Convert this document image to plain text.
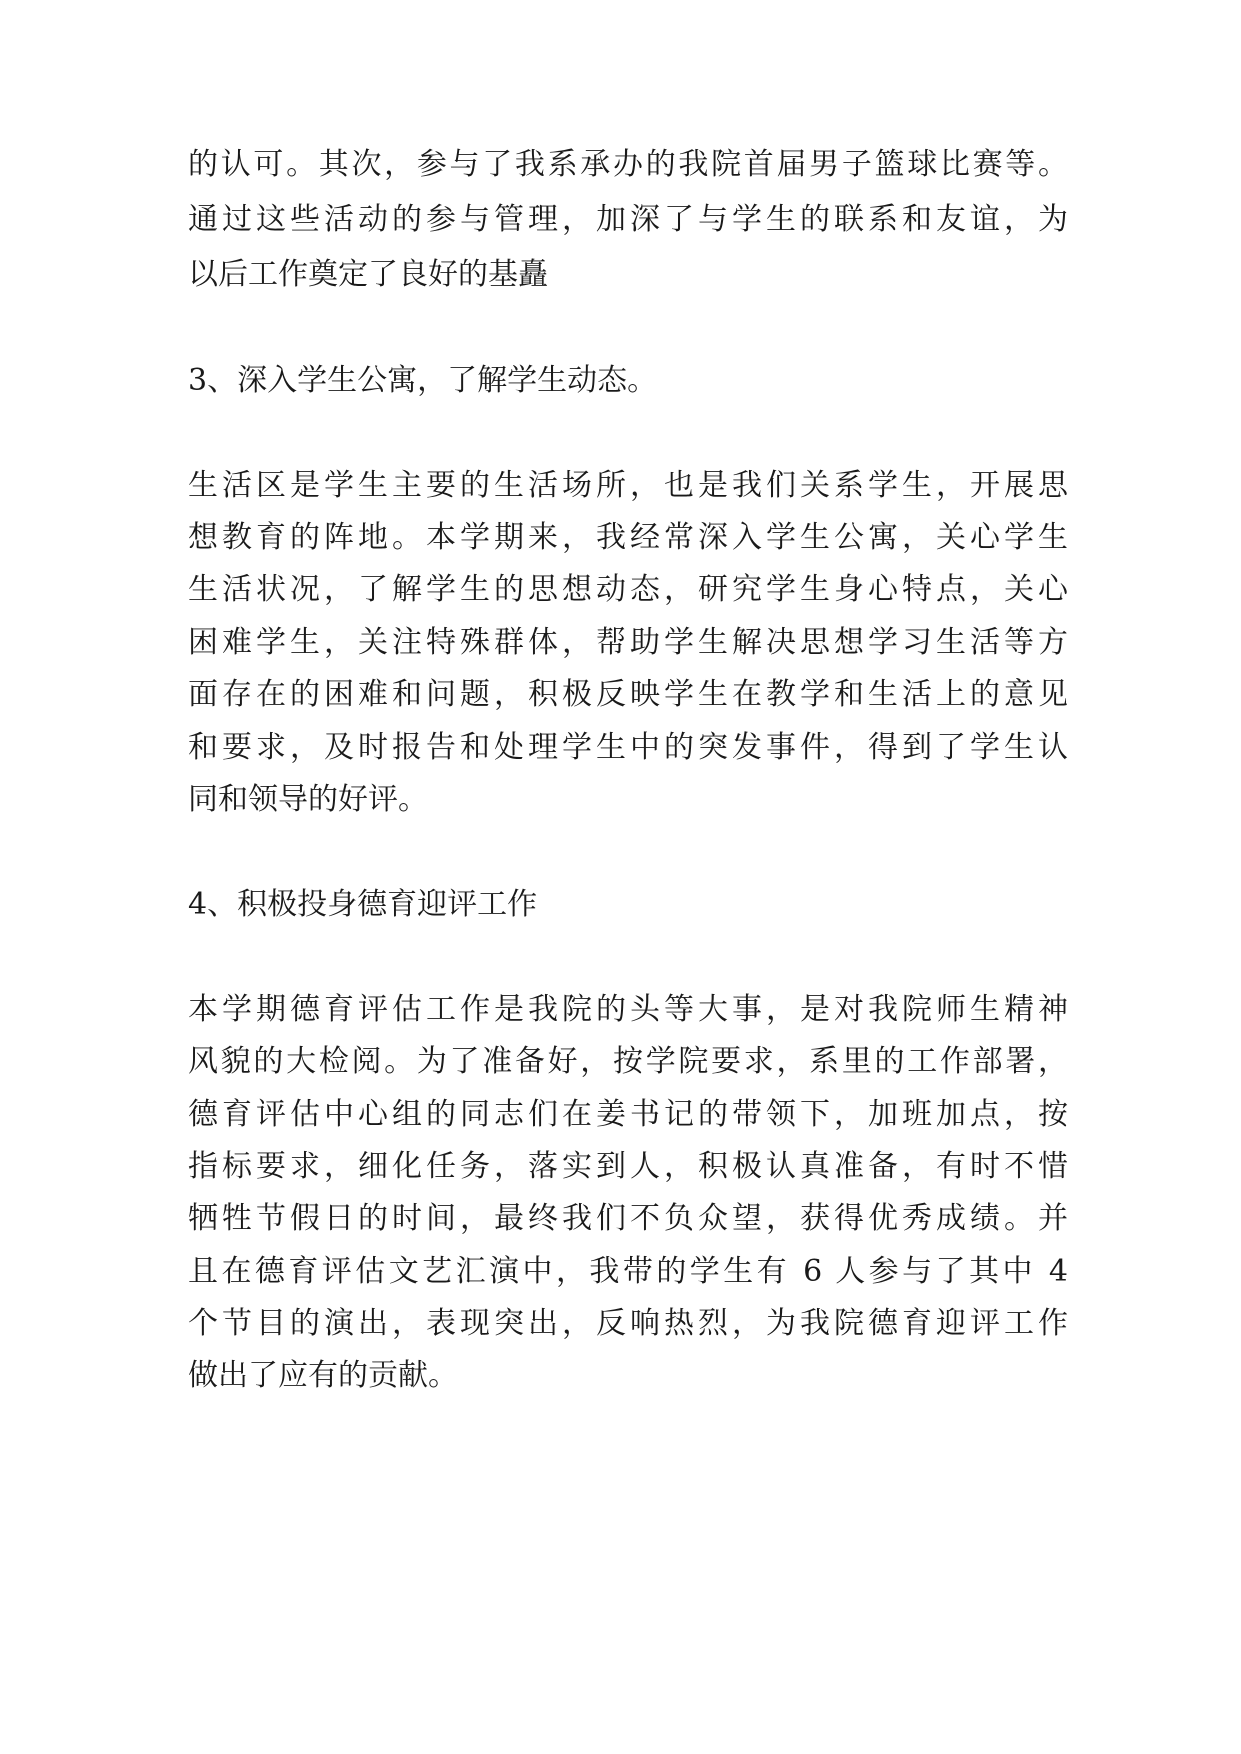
的认可。其次，参与了我系承办的我院首届男子篮球比赛等。
通过这些活动的参与管理，加深了与学生的联系和友谊，为
以后工作奠定了良好的基矗
3、深入学生公寓，了解学生动态。
生活区是学生主要的生活场所，也是我们关系学生，开展思
想教育的阵地。本学期来，我经常深入学生公寓，关心学生
生活状况，了解学生的思想动态，研究学生身心特点，关心
困难学生，关注特殊群体，帮助学生解决思想学习生活等方
面存在的困难和问题，积极反映学生在教学和生活上的意见
和要求，及时报告和处理学生中的突发事件，得到了学生认
同和领导的好评。
4、积极投身德育迎评工作
本学期德育评估工作是我院的头等大事，是对我院师生精神
风貌的大检阅。为了准备好，按学院要求，系里的工作部署，
德育评估中心组的同志们在姜书记的带领下，加班加点，按
指标要求，细化任务，落实到人，积极认真准备，有时不惜
牺牲节假日的时间，最终我们不负众望，获得优秀成绩。并
且在德育评估文艺汇演中，我带的学生有 6 人参与了其中 4
个节目的演出，表现突出，反响热烈，为我院德育迎评工作
做出了应有的贡献。
